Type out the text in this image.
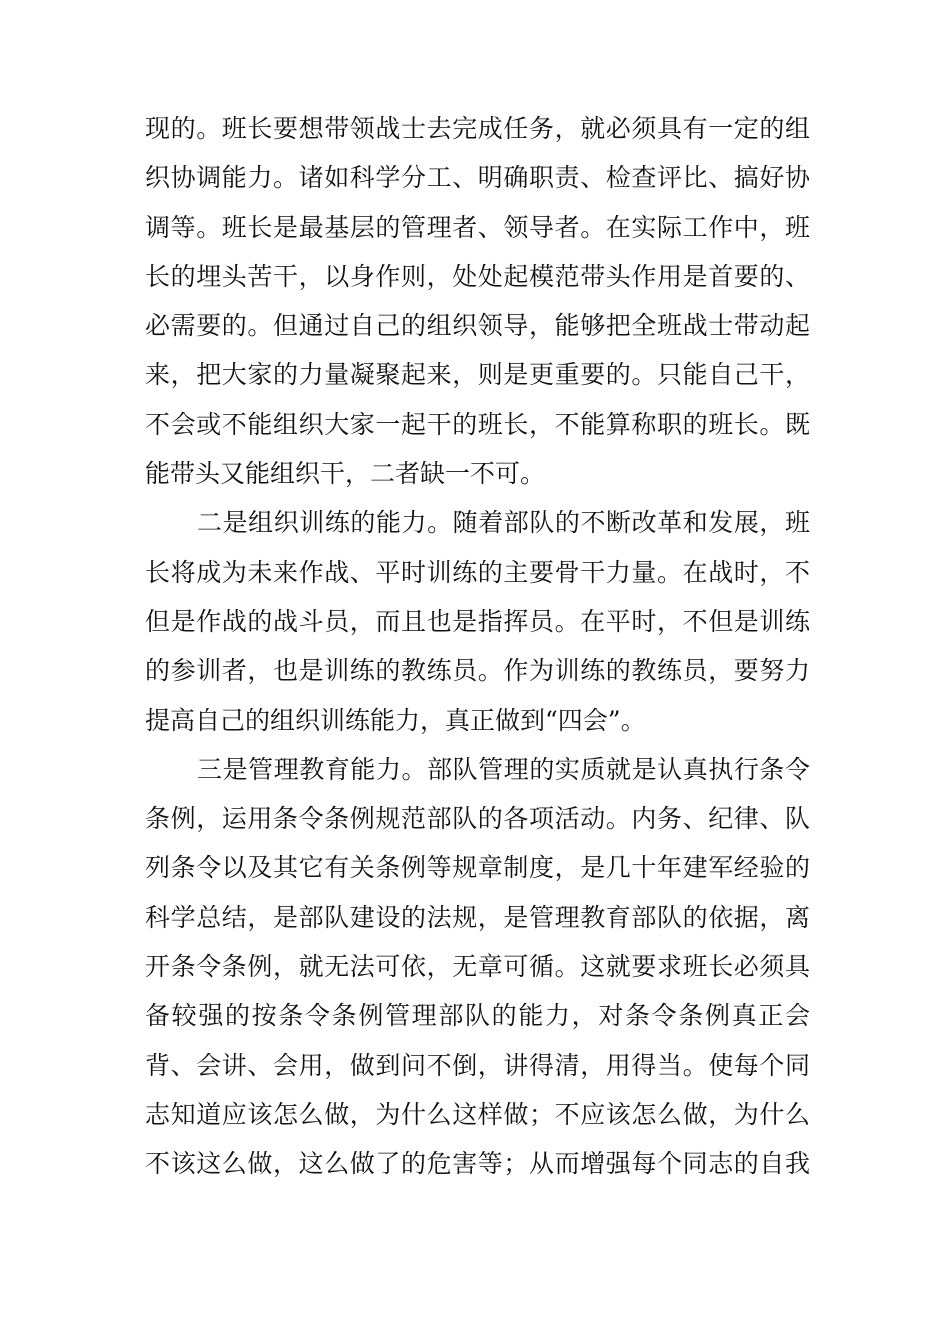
现的。班长要想带领战士去完成任务，就必须具有一定的组
织协调能力。诸如科学分工、明确职责、检查评比、搞好协
调等。班长是最基层的管理者、领导者。在实际工作中，班
长的埋头苦干，以身作则，处处起模范带头作用是首要的、
必需要的。但通过自己的组织领导，能够把全班战士带动起
来，把大家的力量凝聚起来，则是更重要的。只能自己干，
不会或不能组织大家一起干的班长，不能算称职的班长。既
能带头又能组织干，二者缺一不可。
二是组织训练的能力。随着部队的不断改革和发展，班
长将成为未来作战、平时训练的主要骨干力量。在战时，不
但是作战的战斗员，而且也是指挥员。在平时，不但是训练
的参训者，也是训练的教练员。作为训练的教练员，要努力
提高自己的组织训练能力，真正做到“四会”。
三是管理教育能力。部队管理的实质就是认真执行条令
条例，运用条令条例规范部队的各项活动。内务、纪律、队
列条令以及其它有关条例等规章制度，是几十年建军经验的
科学总结，是部队建设的法规，是管理教育部队的依据，离
开条令条例，就无法可依，无章可循。这就要求班长必须具
备较强的按条令条例管理部队的能力，对条令条例真正会
背、会讲、会用，做到问不倒，讲得清，用得当。使每个同
志知道应该怎么做，为什么这样做；不应该怎么做，为什么
不该这么做，这么做了的危害等；从而增强每个同志的自我
